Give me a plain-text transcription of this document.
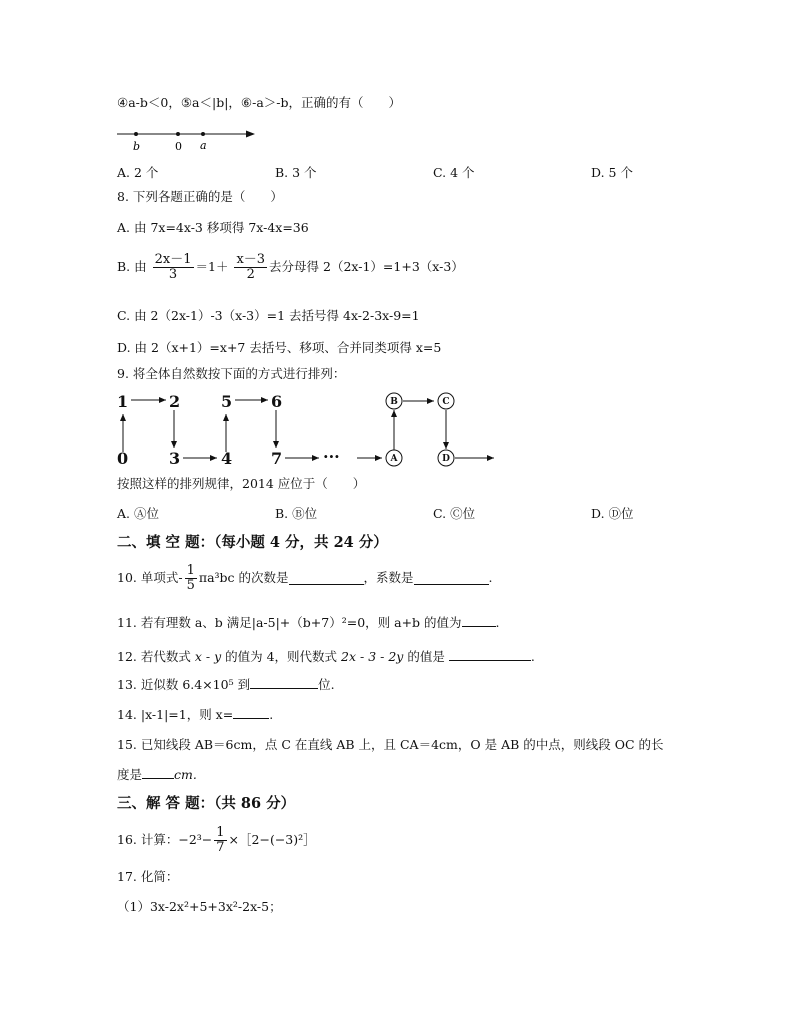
④a-b＜0，⑤a＜|b|，⑥-a＞-b，正确的有（　　）
b	0 a
A. 2 个	B. 3 个	C. 4 个	D. 5 个
8. 下列各题正确的是（　　）
A. 由 7x=4x-3 移项得 7x-4x=36
B. 由 $\frac{2x-1}{3} =1+ \frac{x-3}{2}$ 去分母得 2（2x-1）=1+3（x-3）
C. 由 2（2x-1）-3（x-3）=1 去括号得 4x-2-3x-9=1
D. 由 2（x+1）=x+7 去括号、移项、合并同类项得 x=5
9. 将全体自然数按下面的方式进行排列：
1	2	5 6
0	3	4 7	···
B	C
A	D
按照这样的排列规律，2014 应位于（　　）
A. Ⓐ位	B. Ⓑ位	C. Ⓒ位	D. Ⓓ位
二、填 空 题：（每小题 4 分，共 24 分）
10. 单项式- $\frac{1}{5} \pi a^3bc$ 的次数是	，系数是	.
11. 若有理数 a、b 满足|a-5|+（b+7）²=0，则 a+b 的值为	.
12. 若代数式 x - y 的值为 4，则代数式 2x - 3 - 2y 的值是	.
13. 近似数 6.4×10⁵ 到	位.
14. |x-1|=1，则 x=	.
15. 已知线段 AB＝6cm，点 C 在直线 AB 上，且 CA＝4cm，O 是 AB 的中点，则线段 OC 的长
度是	cm.
三、解 答 题：（共 86 分）
16. 计算：$-2^3- \frac{1}{7}$ ×［2−(−3)²］
17. 化简：
（1）3x-2x²+5+3x²-2x-5；
